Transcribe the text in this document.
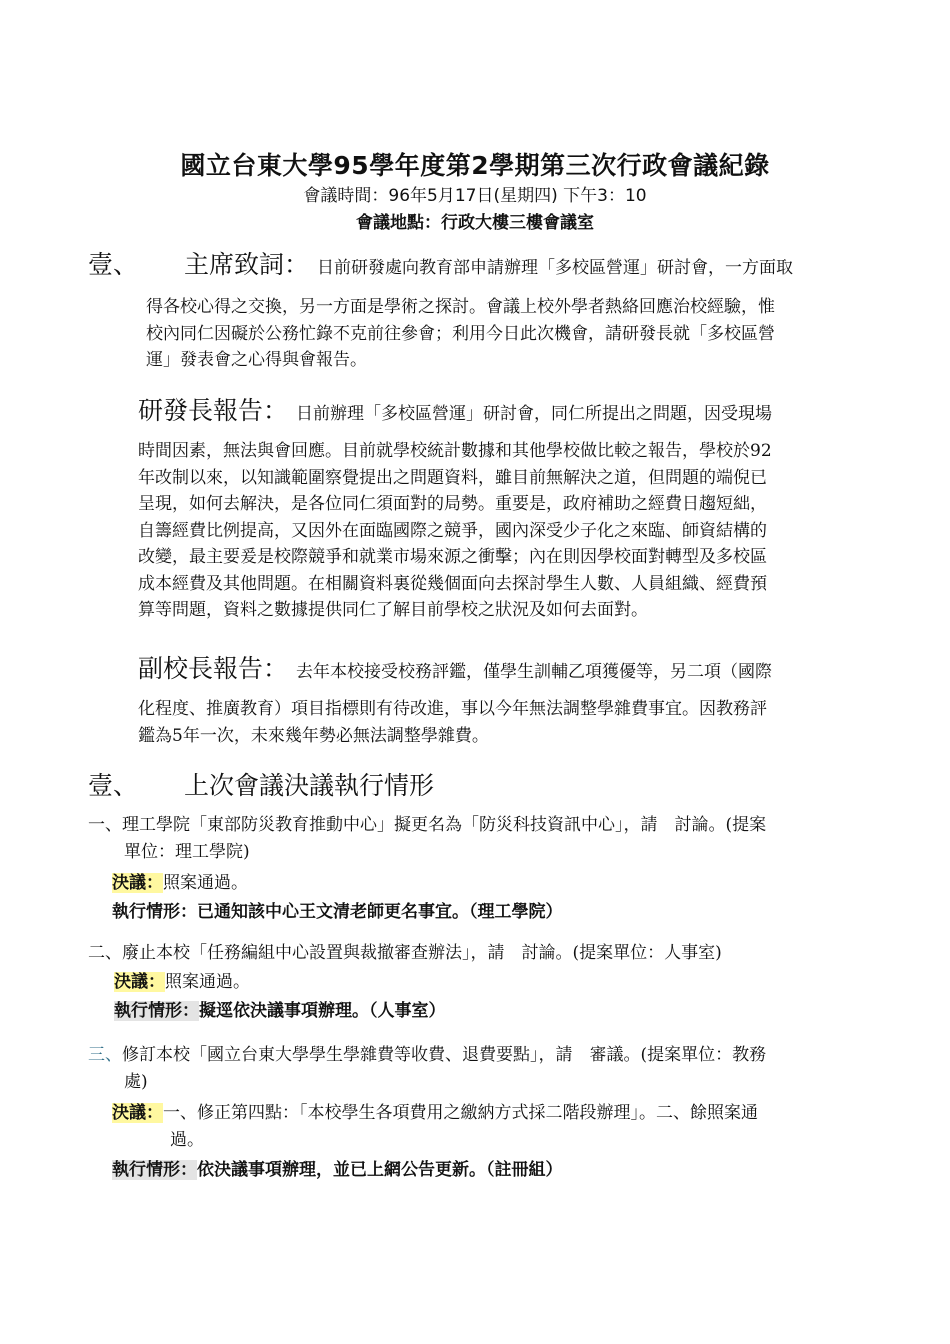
國立台東大學95學年度第2學期第三次行政會議紀錄
會議時間：96年5月17日(星期四) 下午3：10
會議地點：行政大樓三樓會議室
壹、 主席致詞： 日前研發處向教育部申請辦理「多校區營運」研討會，一方面取
得各校心得之交換，另一方面是學術之探討。會議上校外學者熱絡回應治校經驗，惟
校內同仁因礙於公務忙錄不克前往參會；利用今日此次機會，請研發長就「多校區營
運」發表會之心得與會報告。
研發長報告： 日前辦理「多校區營運」研討會，同仁所提出之問題，因受現場
時間因素，無法與會回應。目前就學校統計數據和其他學校做比較之報告，學校於92
年改制以來，以知識範圍察覺提出之問題資料，雖目前無解決之道，但問題的端倪已
呈現，如何去解決，是各位同仁須面對的局勢。重要是，政府補助之經費日趨短絀，
自籌經費比例提高，又因外在面臨國際之競爭，國內深受少子化之來臨、師資結構的
改變，最主要爰是校際競爭和就業市場來源之衝擊；內在則因學校面對轉型及多校區
成本經費及其他問題。在相關資料裏從幾個面向去探討學生人數、人員組織、經費預
算等問題，資料之數據提供同仁了解目前學校之狀況及如何去面對。
副校長報告： 去年本校接受校務評鑑，僅學生訓輔乙項獲優等，另二項（國際
化程度、推廣教育）項目指標則有待改進，事以今年無法調整學雜費事宜。因教務評
鑑為5年一次，未來幾年勢必無法調整學雜費。
壹、 上次會議決議執行情形
一、理工學院「東部防災教育推動中心」擬更名為「防災科技資訊中心」，請　討論。(提案
單位：理工學院)
決議：照案通過。
執行情形：已通知該中心王文清老師更名事宜。（理工學院）
二、廢止本校「任務編組中心設置與裁撤審查辦法」，請　討論。(提案單位：人事室)
決議：照案通過。
執行情形：擬逕依決議事項辦理。（人事室）
三、修訂本校「國立台東大學學生學雜費等收費、退費要點」，請　審議。(提案單位：教務
處)
決議：一、修正第四點：「本校學生各項費用之繳納方式採二階段辦理」。二、餘照案通
過。
執行情形：依決議事項辦理，並已上網公告更新。（註冊組）
